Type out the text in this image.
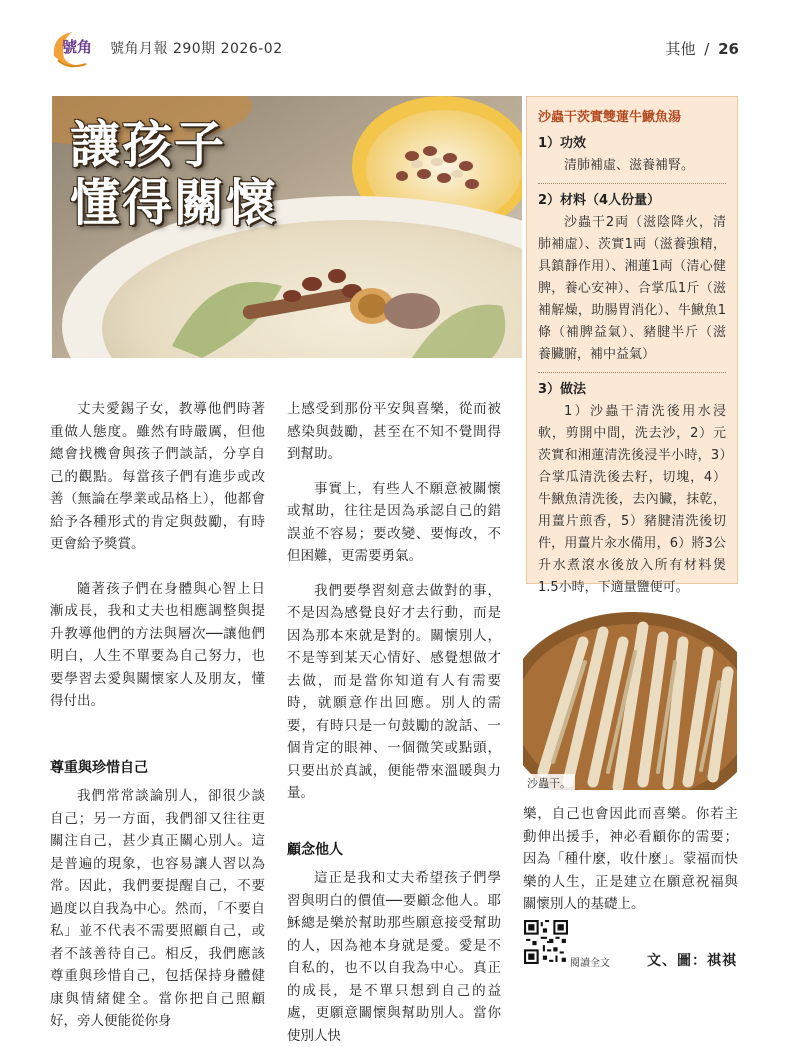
號角 號角月報 290期 2026-02	其他 / 26
讓孩子
懂得關懷

丈夫愛錫子女，教導他們時著重做人態度。雖然有時嚴厲，但他總會找機會與孩子們談話，分享自己的觀點。每當孩子們有進步或改善（無論在學業或品格上），他都會給予各種形式的肯定與鼓勵，有時更會給予獎賞。

隨著孩子們在身體與心智上日漸成長，我和丈夫也相應調整與提升教導他們的方法與層次──讓他們明白，人生不單要為自己努力，也要學習去愛與關懷家人及朋友，懂得付出。

尊重與珍惜自己

我們常常談論別人，卻很少談自己；另一方面，我們卻又往往更關注自己，甚少真正關心別人。這是普遍的現象，也容易讓人習以為常。因此，我們要提醒自己，不要過度以自我為中心。然而，「不要自私」並不代表不需要照顧自己，或者不該善待自己。相反，我們應該尊重與珍惜自己，包括保持身體健康與情緒健全。當你把自己照顧好，旁人便能從你身

上感受到那份平安與喜樂，從而被感染與鼓勵，甚至在不知不覺間得到幫助。

事實上，有些人不願意被關懷或幫助，往往是因為承認自己的錯誤並不容易；要改變、要悔改，不但困難，更需要勇氣。

我們要學習刻意去做對的事，不是因為感覺良好才去行動，而是因為那本來就是對的。關懷別人，不是等到某天心情好、感覺想做才去做，而是當你知道有人有需要時，就願意作出回應。別人的需要，有時只是一句鼓勵的說話、一個肯定的眼神、一個微笑或點頭，只要出於真誠，便能帶來溫暖與力量。

顧念他人

這正是我和丈夫希望孩子們學習與明白的價值──要顧念他人。耶穌總是樂於幫助那些願意接受幫助的人，因為祂本身就是愛。愛是不自私的，也不以自我為中心。真正的成長，是不單只想到自己的益處，更願意關懷與幫助別人。當你使別人快

沙蟲干茨實雙蓮牛鰍魚湯
1）功效
清肺補虛、滋養補腎。
2）材料（4人份量）
沙蟲干2両（滋陰降火，清肺補虛）、茨實1両（滋養強精，具鎮靜作用）、湘蓮1両（清心健脾，養心安神）、合掌瓜1斤（滋補解燥，助腸胃消化）、牛鰍魚1條（補脾益氣）、豬腱半斤（滋養臟腑，補中益氣）
3）做法
1）沙蟲干清洗後用水浸軟，剪開中間，洗去沙，2）元茨實和湘蓮清洗後浸半小時，3）合掌瓜清洗後去籽，切塊，4）牛鰍魚清洗後，去內臟，抹乾，用薑片煎香，5）豬腱清洗後切件，用薑片汆水備用，6）將3公升水煮滾水後放入所有材料煲1.5小時，下適量鹽便可。
沙蟲干。

樂，自己也會因此而喜樂。你若主動伸出援手，神必看顧你的需要；因為「種什麼，收什麼」。蒙福而快樂的人生，正是建立在願意祝福與關懷別人的基礎上。

閱讀全文	文、圖：祺祺
